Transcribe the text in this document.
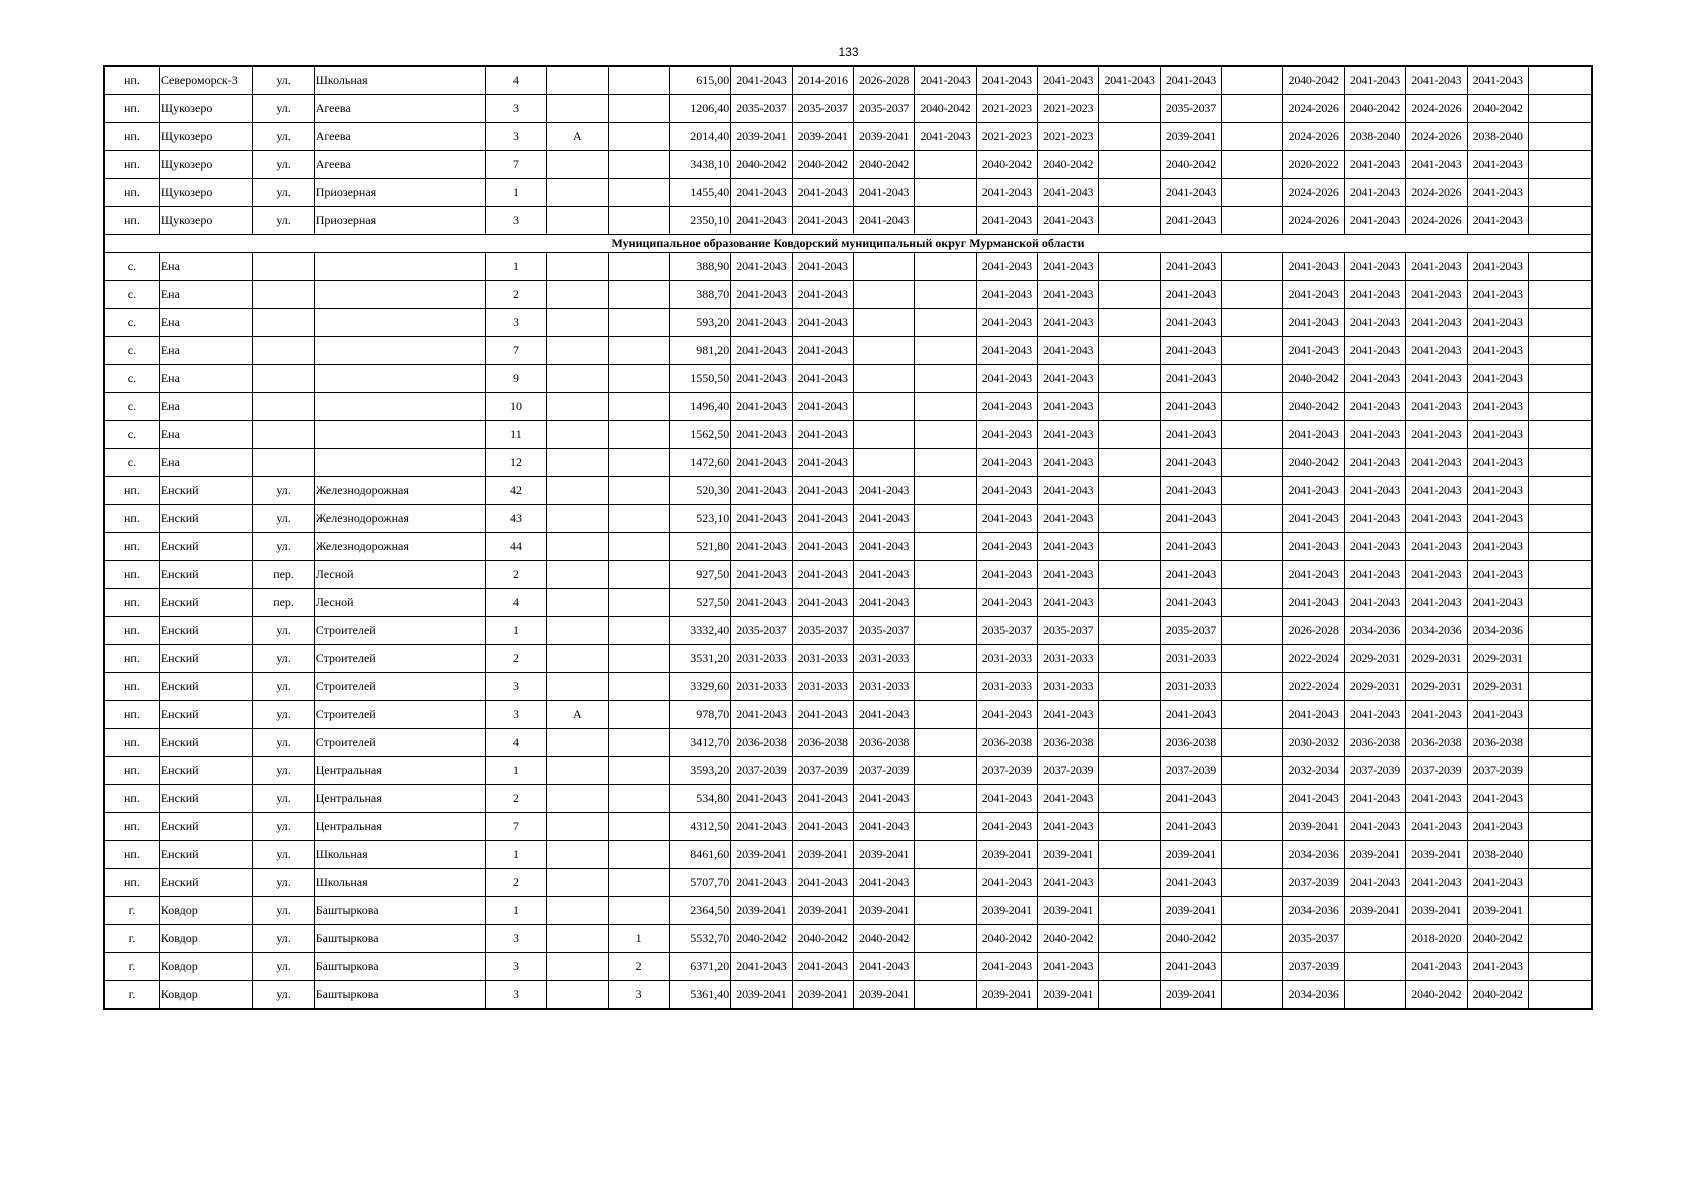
133
нп.	Североморск-3	ул.	Школьная	4			615,00	2041-2043	2014-2016	2026-2028	2041-2043	2041-2043	2041-2043	2041-2043	2041-2043		2040-2042	2041-2043	2041-2043	2041-2043	
нп.	Щукозеро	ул.	Агеева	3			1206,40	2035-2037	2035-2037	2035-2037	2040-2042	2021-2023	2021-2023		2035-2037		2024-2026	2040-2042	2024-2026	2040-2042	
нп.	Щукозеро	ул.	Агеева	3	А		2014,40	2039-2041	2039-2041	2039-2041	2041-2043	2021-2023	2021-2023		2039-2041		2024-2026	2038-2040	2024-2026	2038-2040	
нп.	Щукозеро	ул.	Агеева	7			3438,10	2040-2042	2040-2042	2040-2042		2040-2042	2040-2042		2040-2042		2020-2022	2041-2043	2041-2043	2041-2043	
нп.	Щукозеро	ул.	Приозерная	1			1455,40	2041-2043	2041-2043	2041-2043		2041-2043	2041-2043		2041-2043		2024-2026	2041-2043	2024-2026	2041-2043	
нп.	Щукозеро	ул.	Приозерная	3			2350,10	2041-2043	2041-2043	2041-2043		2041-2043	2041-2043		2041-2043		2024-2026	2041-2043	2024-2026	2041-2043	
Муниципальное образование Ковдорский муниципальный округ Мурманской области																					
с.	Ена			1			388,90	2041-2043	2041-2043			2041-2043	2041-2043		2041-2043		2041-2043	2041-2043	2041-2043	2041-2043	
с.	Ена			2			388,70	2041-2043	2041-2043			2041-2043	2041-2043		2041-2043		2041-2043	2041-2043	2041-2043	2041-2043	
с.	Ена			3			593,20	2041-2043	2041-2043			2041-2043	2041-2043		2041-2043		2041-2043	2041-2043	2041-2043	2041-2043	
с.	Ена			7			981,20	2041-2043	2041-2043			2041-2043	2041-2043		2041-2043		2041-2043	2041-2043	2041-2043	2041-2043	
с.	Ена			9			1550,50	2041-2043	2041-2043			2041-2043	2041-2043		2041-2043		2040-2042	2041-2043	2041-2043	2041-2043	
с.	Ена			10			1496,40	2041-2043	2041-2043			2041-2043	2041-2043		2041-2043		2040-2042	2041-2043	2041-2043	2041-2043	
с.	Ена			11			1562,50	2041-2043	2041-2043			2041-2043	2041-2043		2041-2043		2041-2043	2041-2043	2041-2043	2041-2043	
с.	Ена			12			1472,60	2041-2043	2041-2043			2041-2043	2041-2043		2041-2043		2040-2042	2041-2043	2041-2043	2041-2043	
нп.	Енский	ул.	Железнодорожная	42			520,30	2041-2043	2041-2043	2041-2043		2041-2043	2041-2043		2041-2043		2041-2043	2041-2043	2041-2043	2041-2043	
нп.	Енский	ул.	Железнодорожная	43			523,10	2041-2043	2041-2043	2041-2043		2041-2043	2041-2043		2041-2043		2041-2043	2041-2043	2041-2043	2041-2043	
нп.	Енский	ул.	Железнодорожная	44			521,80	2041-2043	2041-2043	2041-2043		2041-2043	2041-2043		2041-2043		2041-2043	2041-2043	2041-2043	2041-2043	
нп.	Енский	пер.	Лесной	2			927,50	2041-2043	2041-2043	2041-2043		2041-2043	2041-2043		2041-2043		2041-2043	2041-2043	2041-2043	2041-2043	
нп.	Енский	пер.	Лесной	4			527,50	2041-2043	2041-2043	2041-2043		2041-2043	2041-2043		2041-2043		2041-2043	2041-2043	2041-2043	2041-2043	
нп.	Енский	ул.	Строителей	1			3332,40	2035-2037	2035-2037	2035-2037		2035-2037	2035-2037		2035-2037		2026-2028	2034-2036	2034-2036	2034-2036	
нп.	Енский	ул.	Строителей	2			3531,20	2031-2033	2031-2033	2031-2033		2031-2033	2031-2033		2031-2033		2022-2024	2029-2031	2029-2031	2029-2031	
нп.	Енский	ул.	Строителей	3			3329,60	2031-2033	2031-2033	2031-2033		2031-2033	2031-2033		2031-2033		2022-2024	2029-2031	2029-2031	2029-2031	
нп.	Енский	ул.	Строителей	3	А		978,70	2041-2043	2041-2043	2041-2043		2041-2043	2041-2043		2041-2043		2041-2043	2041-2043	2041-2043	2041-2043	
нп.	Енский	ул.	Строителей	4			3412,70	2036-2038	2036-2038	2036-2038		2036-2038	2036-2038		2036-2038		2030-2032	2036-2038	2036-2038	2036-2038	
нп.	Енский	ул.	Центральная	1			3593,20	2037-2039	2037-2039	2037-2039		2037-2039	2037-2039		2037-2039		2032-2034	2037-2039	2037-2039	2037-2039	
нп.	Енский	ул.	Центральная	2			534,80	2041-2043	2041-2043	2041-2043		2041-2043	2041-2043		2041-2043		2041-2043	2041-2043	2041-2043	2041-2043	
нп.	Енский	ул.	Центральная	7			4312,50	2041-2043	2041-2043	2041-2043		2041-2043	2041-2043		2041-2043		2039-2041	2041-2043	2041-2043	2041-2043	
нп.	Енский	ул.	Школьная	1			8461,60	2039-2041	2039-2041	2039-2041		2039-2041	2039-2041		2039-2041		2034-2036	2039-2041	2039-2041	2038-2040	
нп.	Енский	ул.	Школьная	2			5707,70	2041-2043	2041-2043	2041-2043		2041-2043	2041-2043		2041-2043		2037-2039	2041-2043	2041-2043	2041-2043	
г.	Ковдор	ул.	Баштыркова	1			2364,50	2039-2041	2039-2041	2039-2041		2039-2041	2039-2041		2039-2041		2034-2036	2039-2041	2039-2041	2039-2041	
г.	Ковдор	ул.	Баштыркова	3		1	5532,70	2040-2042	2040-2042	2040-2042		2040-2042	2040-2042		2040-2042		2035-2037		2018-2020	2040-2042	
г.	Ковдор	ул.	Баштыркова	3		2	6371,20	2041-2043	2041-2043	2041-2043		2041-2043	2041-2043		2041-2043		2037-2039		2041-2043	2041-2043	
г.	Ковдор	ул.	Баштыркова	3		3	5361,40	2039-2041	2039-2041	2039-2041		2039-2041	2039-2041		2039-2041		2034-2036		2040-2042	2040-2042	
